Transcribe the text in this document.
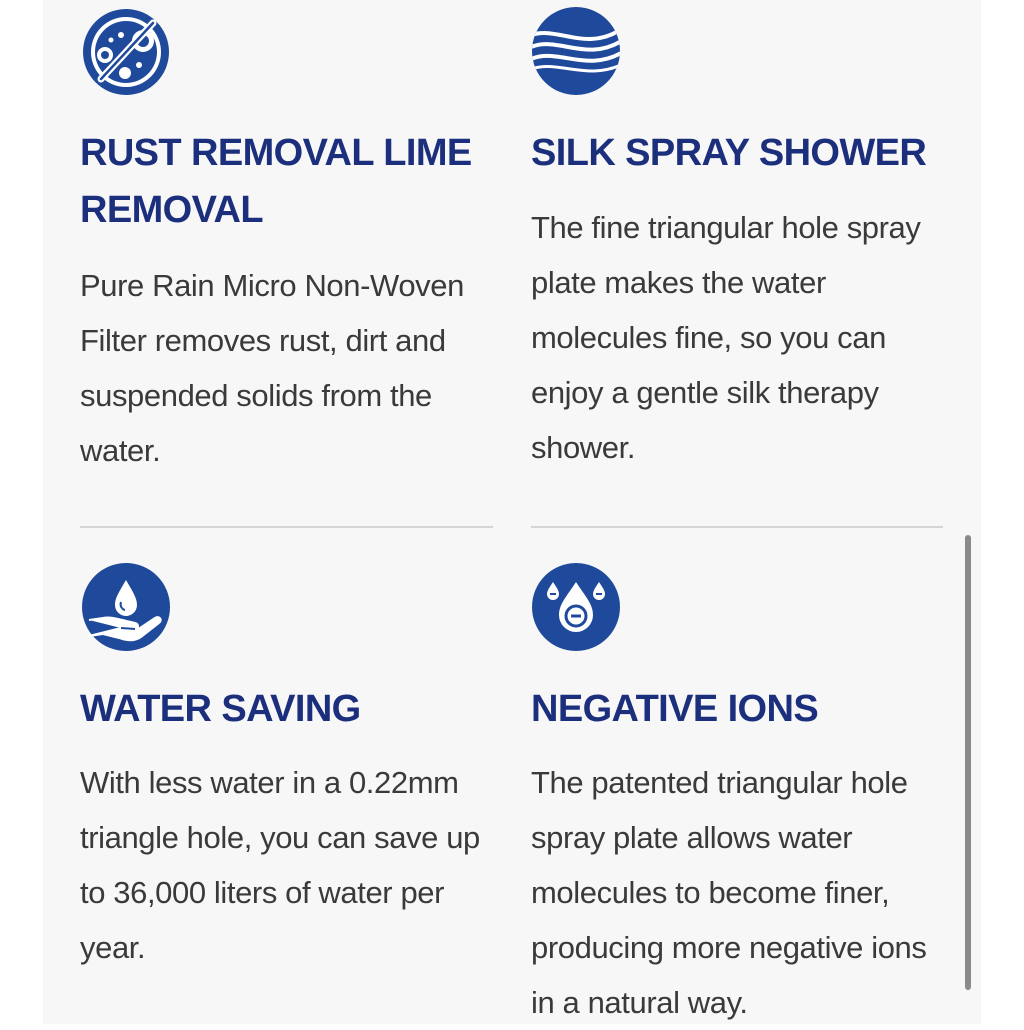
RUST REMOVAL LIME REMOVAL

Pure Rain Micro Non-Woven Filter removes rust, dirt and suspended solids from the water.

SILK SPRAY SHOWER

The fine triangular hole spray plate makes the water molecules fine, so you can enjoy a gentle silk therapy shower.

WATER SAVING

With less water in a 0.22mm triangle hole, you can save up to 36,000 liters of water per year.

NEGATIVE IONS

The patented triangular hole spray plate allows water molecules to become finer, producing more negative ions in a natural way.
